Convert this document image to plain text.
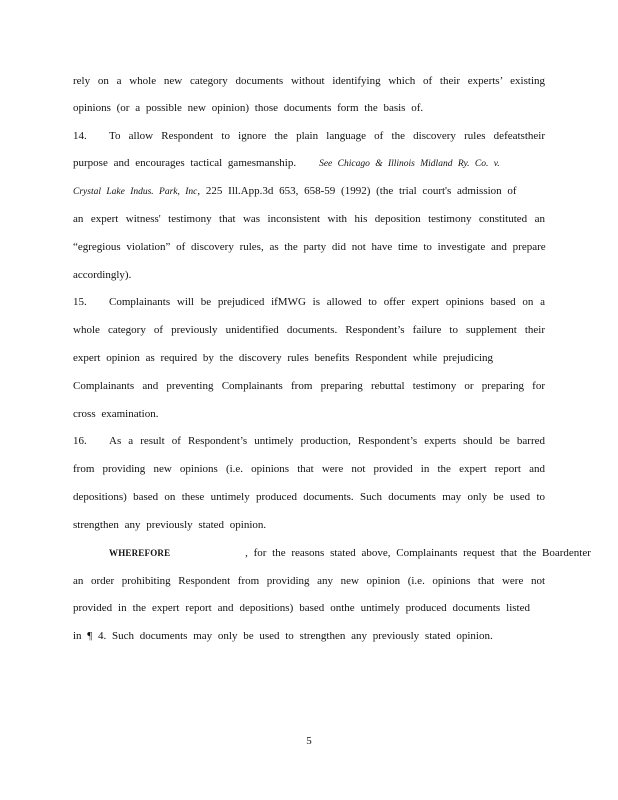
rely on a whole new category documents without identifying which of their experts’ existing
opinions (or a possible new opinion) those documents form the basis of.
14. To allow Respondent to ignore the plain language of the discovery rules defeatstheir
purpose and encourages tactical gamesmanship. See Chicago & Illinois Midland Ry. Co. v.
Crystal Lake Indus. Park, Inc, 225 Ill.App.3d 653, 658-59 (1992) (the trial court's admission of
an expert witness' testimony that was inconsistent with his deposition testimony constituted an
“egregious violation” of discovery rules, as the party did not have time to investigate and prepare
accordingly).
15. Complainants will be prejudiced ifMWG is allowed to offer expert opinions based on a
whole category of previously unidentified documents. Respondent’s failure to supplement their
expert opinion as required by the discovery rules benefits Respondent while prejudicing
Complainants and preventing Complainants from preparing rebuttal testimony or preparing for
cross examination.
16. As a result of Respondent’s untimely production, Respondent’s experts should be barred
from providing new opinions (i.e. opinions that were not provided in the expert report and
depositions) based on these untimely produced documents. Such documents may only be used to
strengthen any previously stated opinion.
WHEREFORE	, for the reasons stated above, Complainants request that the Boardenter
an order prohibiting Respondent from providing any new opinion (i.e. opinions that were not
provided in the expert report and depositions) based onthe untimely produced documents listed
in ¶ 4. Such documents may only be used to strengthen any previously stated opinion.
5
